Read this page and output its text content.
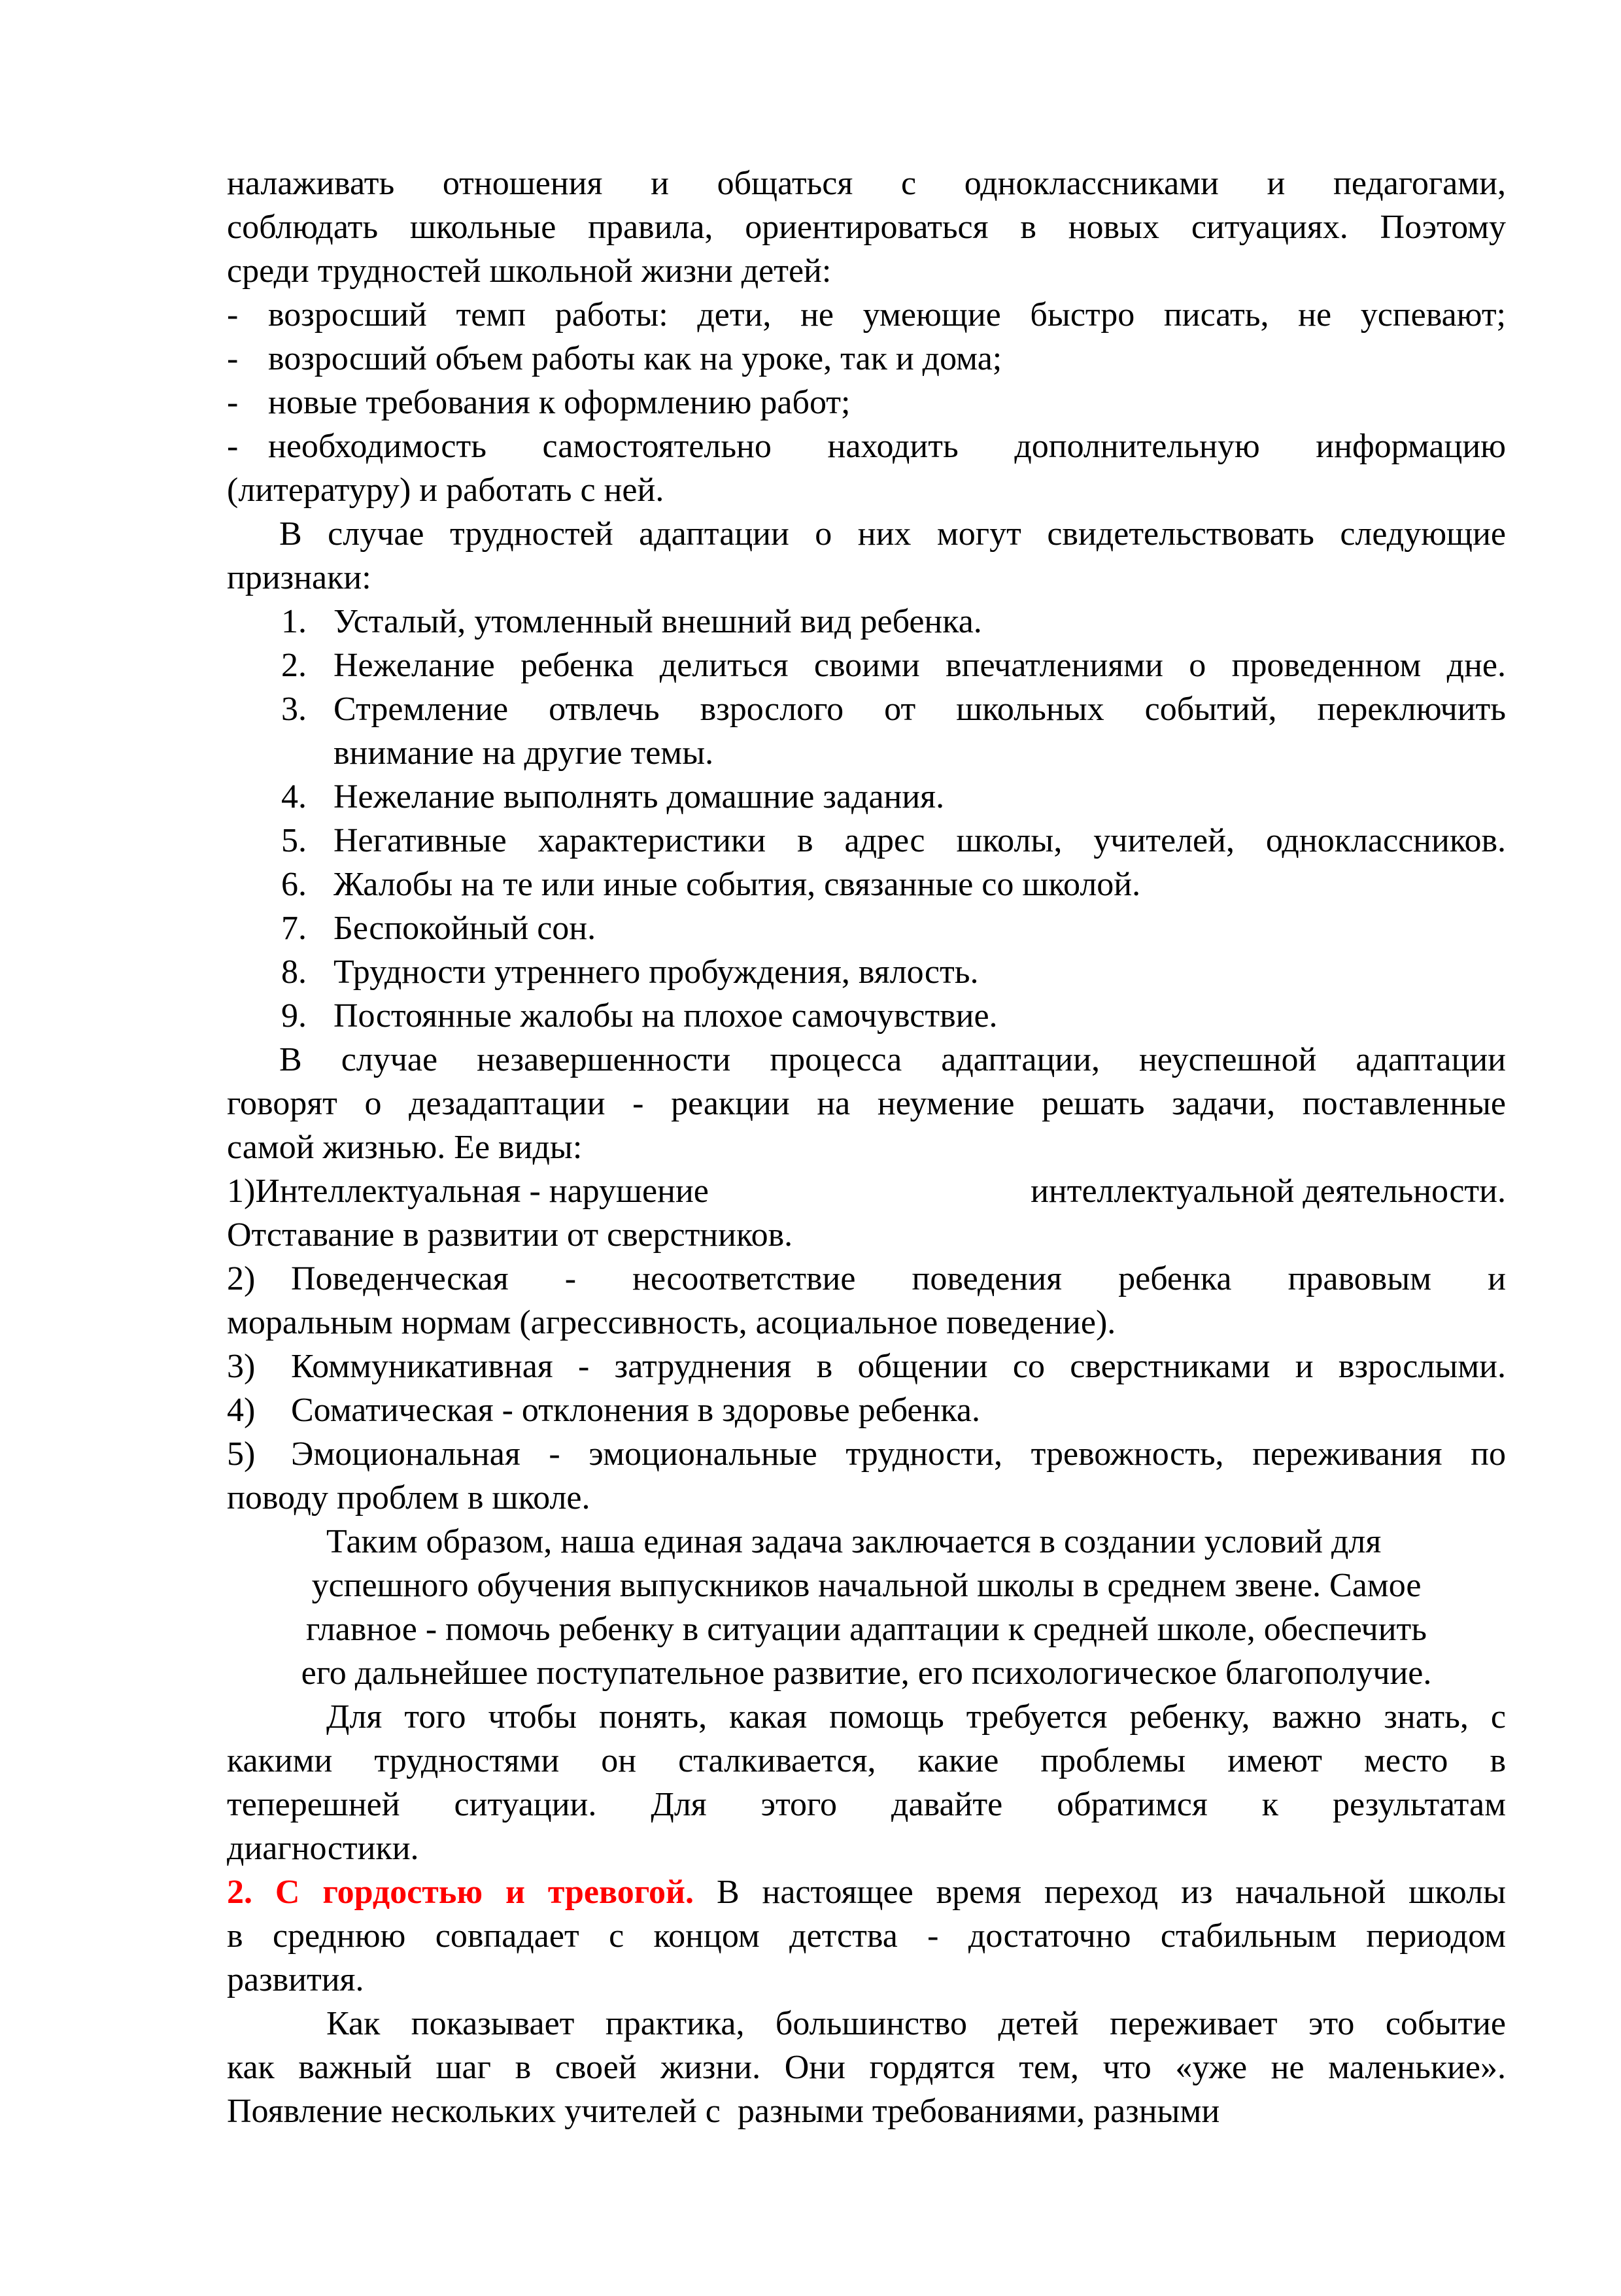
налаживать отношения и общаться с одноклассниками и педагогами,
соблюдать школьные правила, ориентироваться в новых ситуациях. Поэтому
среди трудностей школьной жизни детей:
- возросший темп работы: дети, не умеющие быстро писать, не успевают;
- возросший объем работы как на уроке, так и дома;
- новые требования к оформлению работ;
- необходимость самостоятельно находить дополнительную информацию
(литературу) и работать с ней.
В случае трудностей адаптации о них могут свидетельствовать следующие
признаки:
1. Усталый, утомленный внешний вид ребенка.
2. Нежелание ребенка делиться своими впечатлениями о проведенном дне.
3. Стремление отвлечь взрослого от школьных событий, переключить
внимание на другие темы.
4. Нежелание выполнять домашние задания.
5. Негативные характеристики в адрес школы, учителей, одноклассников.
6. Жалобы на те или иные события, связанные со школой.
7. Беспокойный сон.
8. Трудности утреннего пробуждения, вялость.
9. Постоянные жалобы на плохое самочувствие.
В случае незавершенности процесса адаптации, неуспешной адаптации
говорят о дезадаптации - реакции на неумение решать задачи, поставленные
самой жизнью. Ее виды:
1)Интеллектуальная - нарушение	интеллектуальной деятельности.
Отставание в развитии от сверстников.
2) Поведенческая - несоответствие поведения ребенка правовым и
моральным нормам (агрессивность, асоциальное поведение).
3) Коммуникативная - затруднения в общении со сверстниками и взрослыми.
4) Соматическая - отклонения в здоровье ребенка.
5) Эмоциональная - эмоциональные трудности, тревожность, переживания по
поводу проблем в школе.
Таким образом, наша единая задача заключается в создании условий для
успешного обучения выпускников начальной школы в среднем звене. Самое
главное - помочь ребенку в ситуации адаптации к средней школе, обеспечить
его дальнейшее поступательное развитие, его психологическое благополучие.
Для того чтобы понять, какая помощь требуется ребенку, важно знать, с
какими трудностями он сталкивается, какие проблемы имеют место в
теперешней ситуации. Для этого давайте обратимся к результатам
диагностики.
2. С гордостью и тревогой. В настоящее время переход из начальной школы
в среднюю совпадает с концом детства - достаточно стабильным периодом
развития.
Как показывает практика, большинство детей переживает это событие
как важный шаг в своей жизни. Они гордятся тем, что «уже не маленькие».
Появление нескольких учителей с  разными требованиями, разными
